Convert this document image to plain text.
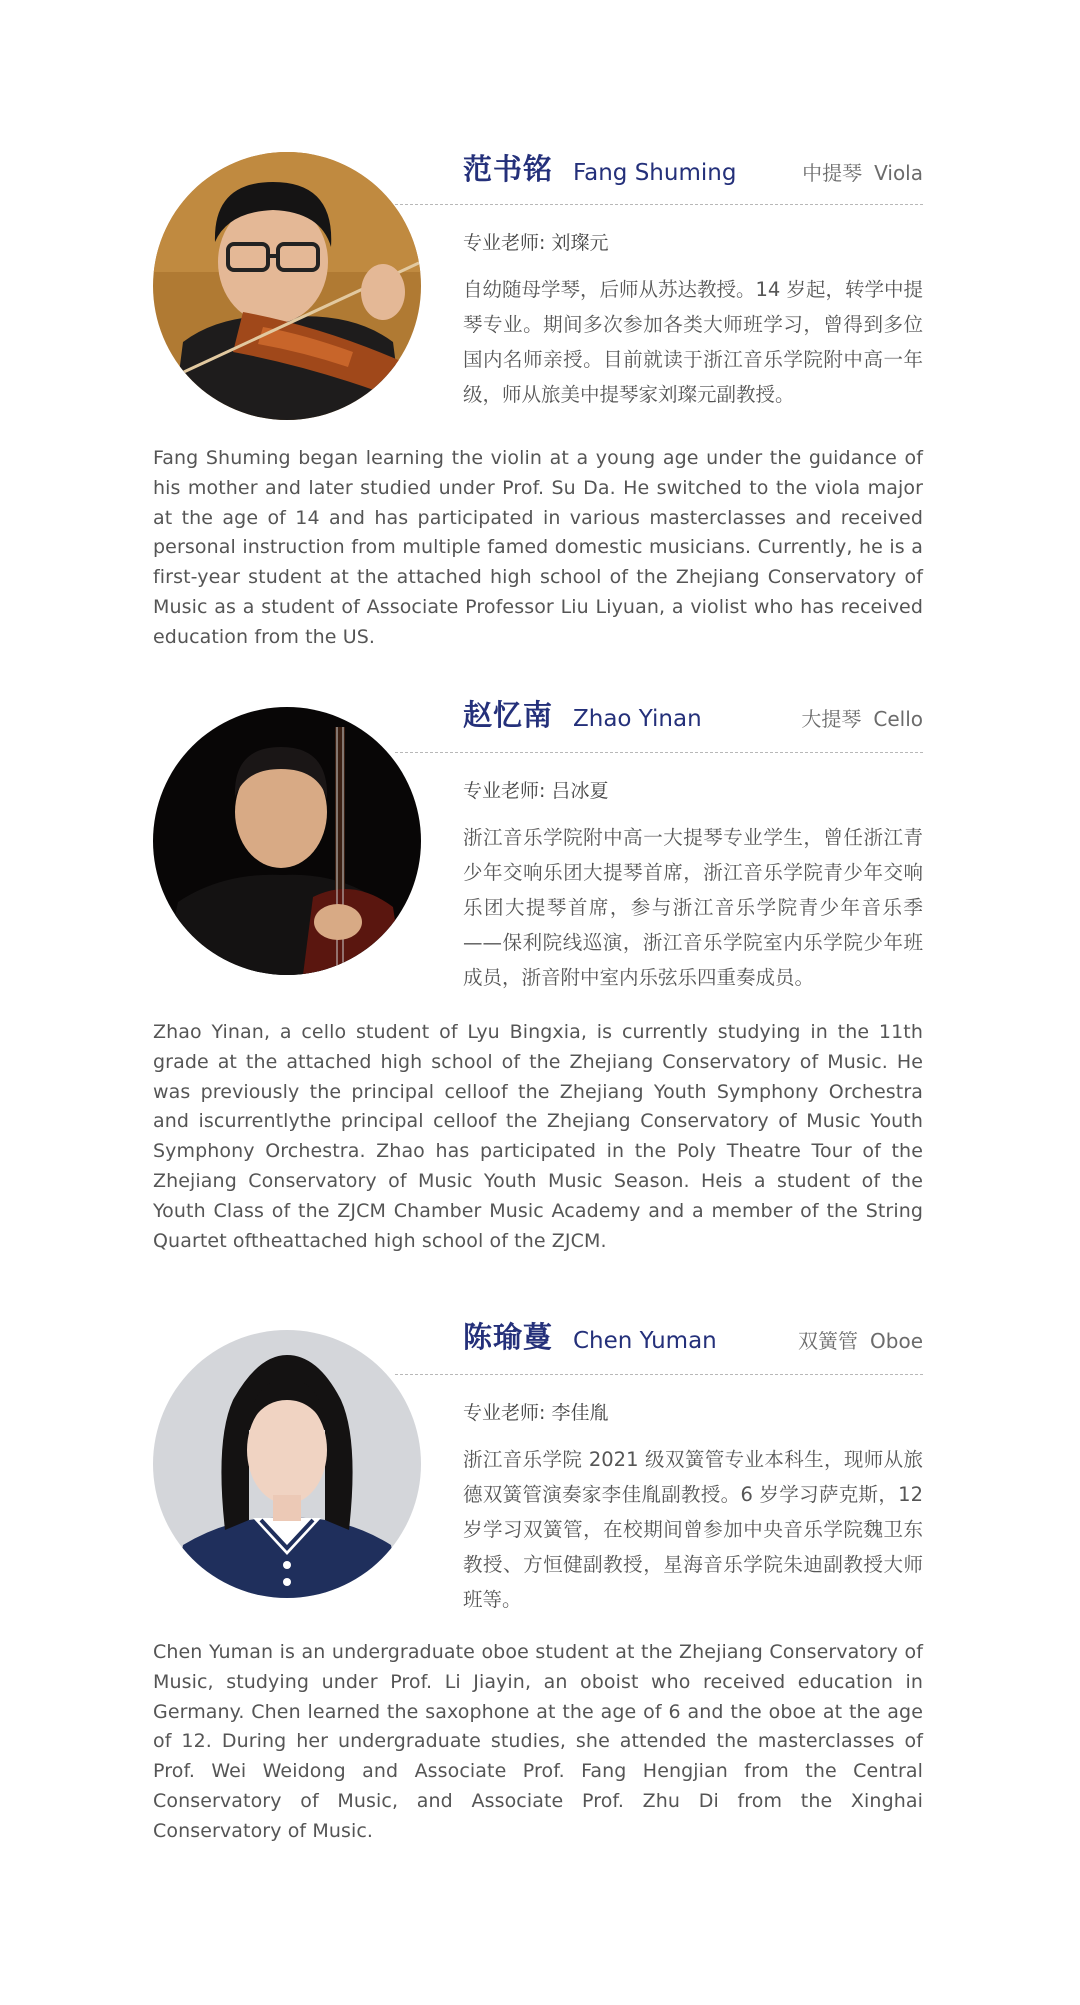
范书铭 Fang Shuming	中提琴 Viola
专业老师: 刘璨元
自幼随母学琴，后师从苏达教授。14 岁起，转学中提琴专业。期间多次参加各类大师班学习，曾得到多位国内名师亲授。目前就读于浙江音乐学院附中高一年级，师从旅美中提琴家刘璨元副教授。
Fang Shuming began learning the violin at a young age under the guidance of his mother and later studied under Prof. Su Da. He switched to the viola major at the age of 14 and has participated in various masterclasses and received personal instruction from multiple famed domestic musicians. Currently, he is a first-year student at the attached high school of the Zhejiang Conservatory of Music as a student of Associate Professor Liu Liyuan, a violist who has received education from the US.
赵忆南 Zhao Yinan	大提琴 Cello
专业老师: 吕冰夏
浙江音乐学院附中高一大提琴专业学生，曾任浙江青少年交响乐团大提琴首席，浙江音乐学院青少年交响乐团大提琴首席，参与浙江音乐学院青少年音乐季——保利院线巡演，浙江音乐学院室内乐学院少年班成员，浙音附中室内乐弦乐四重奏成员。
Zhao Yinan, a cello student of Lyu Bingxia, is currently studying in the 11th grade at the attached high school of the Zhejiang Conservatory of Music. He was previously the principal celloof the Zhejiang Youth Symphony Orchestra and iscurrentlythe principal celloof the Zhejiang Conservatory of Music Youth Symphony Orchestra. Zhao has participated in the Poly Theatre Tour of the Zhejiang Conservatory of Music Youth Music Season. Heis a student of the Youth Class of the ZJCM Chamber Music Academy and a member of the String Quartet oftheattached high school of the ZJCM.
陈瑜蔓 Chen Yuman	双簧管 Oboe
专业老师: 李佳胤
浙江音乐学院 2021 级双簧管专业本科生，现师从旅德双簧管演奏家李佳胤副教授。6 岁学习萨克斯，12 岁学习双簧管，在校期间曾参加中央音乐学院魏卫东教授、方恒健副教授，星海音乐学院朱迪副教授大师班等。
Chen Yuman is an undergraduate oboe student at the Zhejiang Conservatory of Music, studying under Prof. Li Jiayin, an oboist who received education in Germany. Chen learned the saxophone at the age of 6 and the oboe at the age of 12. During her undergraduate studies, she attended the masterclasses of Prof. Wei Weidong and Associate Prof. Fang Hengjian from the Central Conservatory of Music, and Associate Prof. Zhu Di from the Xinghai Conservatory of Music.
